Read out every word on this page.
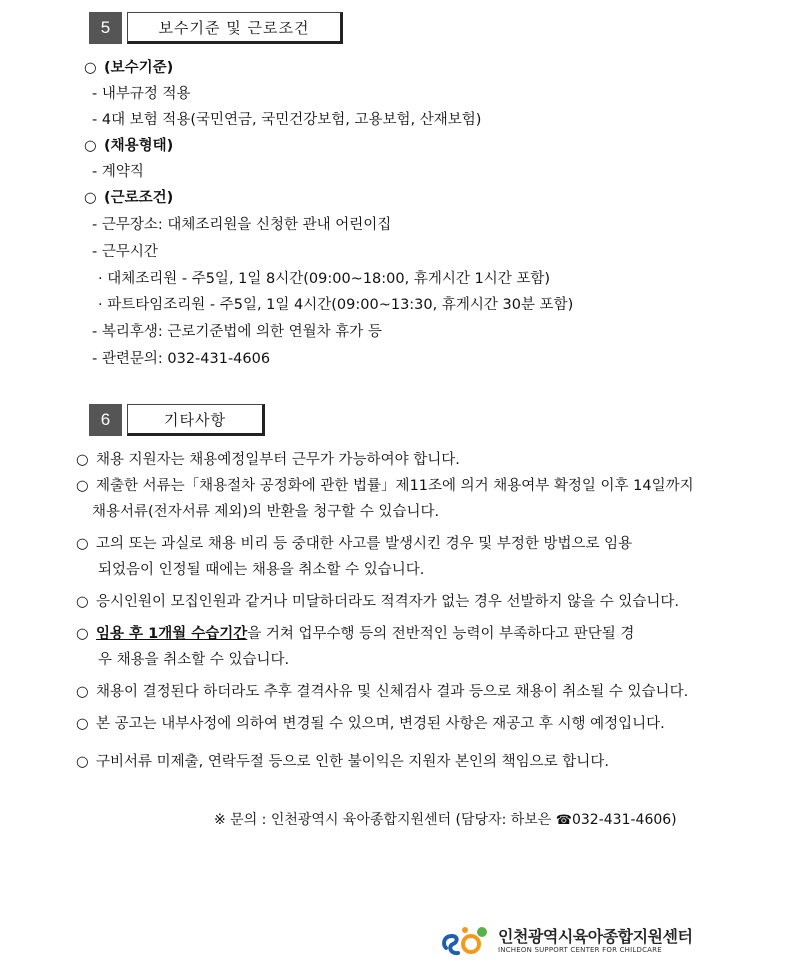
5	보수기준 및 근로조건
○ (보수기준)
- 내부규정 적용
- 4대 보험 적용(국민연금, 국민건강보험, 고용보험, 산재보험)
○ (채용형태)
- 계약직
○ (근로조건)
- 근무장소: 대체조리원을 신청한 관내 어린이집
- 근무시간
· 대체조리원 - 주5일, 1일 8시간(09:00~18:00, 휴게시간 1시간 포함)
· 파트타임조리원 - 주5일, 1일 4시간(09:00~13:30, 휴게시간 30분 포함)
- 복리후생: 근로기준법에 의한 연월차 휴가 등
- 관련문의: 032-431-4606
6	기타사항
○ 채용 지원자는 채용예정일부터 근무가 가능하여야 합니다.
○ 제출한 서류는「채용절차 공정화에 관한 법률」제11조에 의거 채용여부 확정일 이후 14일까지
채용서류(전자서류 제외)의 반환을 청구할 수 있습니다.
○ 고의 또는 과실로 채용 비리 등 중대한 사고를 발생시킨 경우 및 부정한 방법으로 임용
되었음이 인정될 때에는 채용을 취소할 수 있습니다.
○ 응시인원이 모집인원과 같거나 미달하더라도 적격자가 없는 경우 선발하지 않을 수 있습니다.
○ 임용 후 1개월 수습기간을 거쳐 업무수행 등의 전반적인 능력이 부족하다고 판단될 경
우 채용을 취소할 수 있습니다.
○ 채용이 결정된다 하더라도 추후 결격사유 및 신체검사 결과 등으로 채용이 취소될 수 있습니다.
○ 본 공고는 내부사정에 의하여 변경될 수 있으며, 변경된 사항은 재공고 후 시행 예정입니다.
○ 구비서류 미제출, 연락두절 등으로 인한 불이익은 지원자 본인의 책임으로 합니다.
※ 문의 : 인천광역시 육아종합지원센터 (담당자: 하보은 ☎032-431-4606)
인천광역시육아종합지원센터
INCHEON SUPPORT CENTER FOR CHILDCARE
